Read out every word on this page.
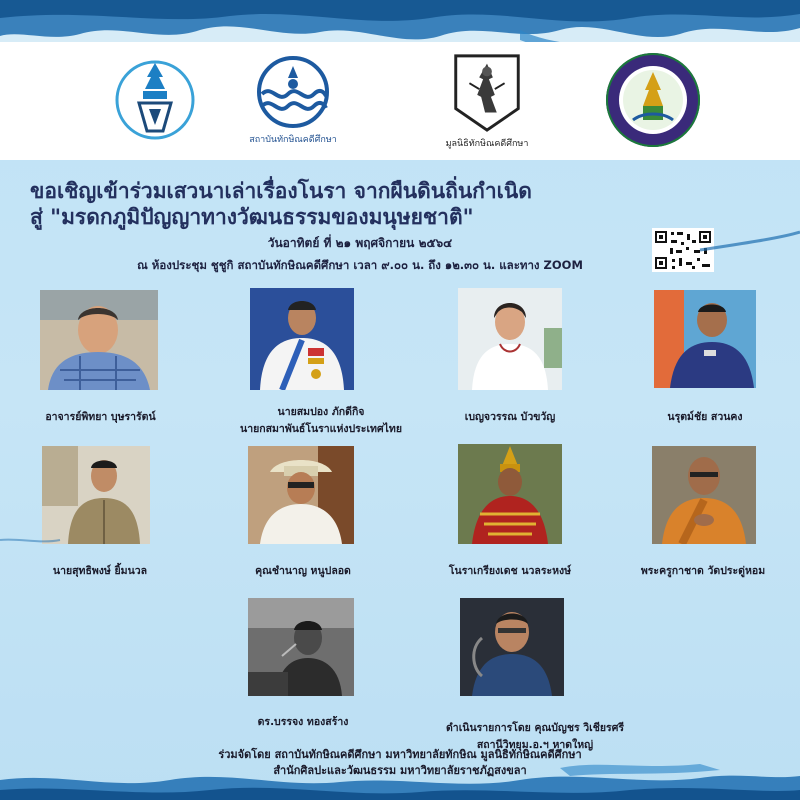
สถาบันทักษิณคดีศึกษา	มูลนิธิทักษิณคดีศึกษา
ขอเชิญเข้าร่วมเสวนาเล่าเรื่องโนรา จากผืนดินถิ่นกำเนิด
สู่ "มรดกภูมิปัญญาทางวัฒนธรรมของมนุษยชาติ"
วันอาทิตย์ ที่ ๒๑ พฤศจิกายน ๒๕๖๔
ณ ห้องประชุม ชูชูกิ สถาบันทักษิณคดีศึกษา เวลา ๙.๐๐ น. ถึง ๑๒.๓๐ น. และทาง ZOOM
อาจารย์พิทยา บุษรารัตน์	นายสมปอง ภักดีกิจ
นายกสมาพันธ์โนราแห่งประเทศไทย
เบญจวรรณ บัวขวัญ	นรุตม์ชัย สวนคง
นายสุทธิพงษ์ ยิ้มนวล	คุณชำนาญ หนูปลอด	โนราเกรียงเดช นวลระหงษ์	พระครูกาชาด วัดประดู่หอม
ดร.บรรจง ทองสร้าง	ดำเนินรายการโดย คุณบัญชร วิเชียรศรี
สถานีวิทยุม.อ.ฯ หาดใหญ่
ร่วมจัดโดย สถาบันทักษิณคดีศึกษา มหาวิทยาลัยทักษิณ มูลนิธิทักษิณคดีศึกษา
สำนักศิลปะและวัฒนธรรม มหาวิทยาลัยราชภัฏสงขลา
